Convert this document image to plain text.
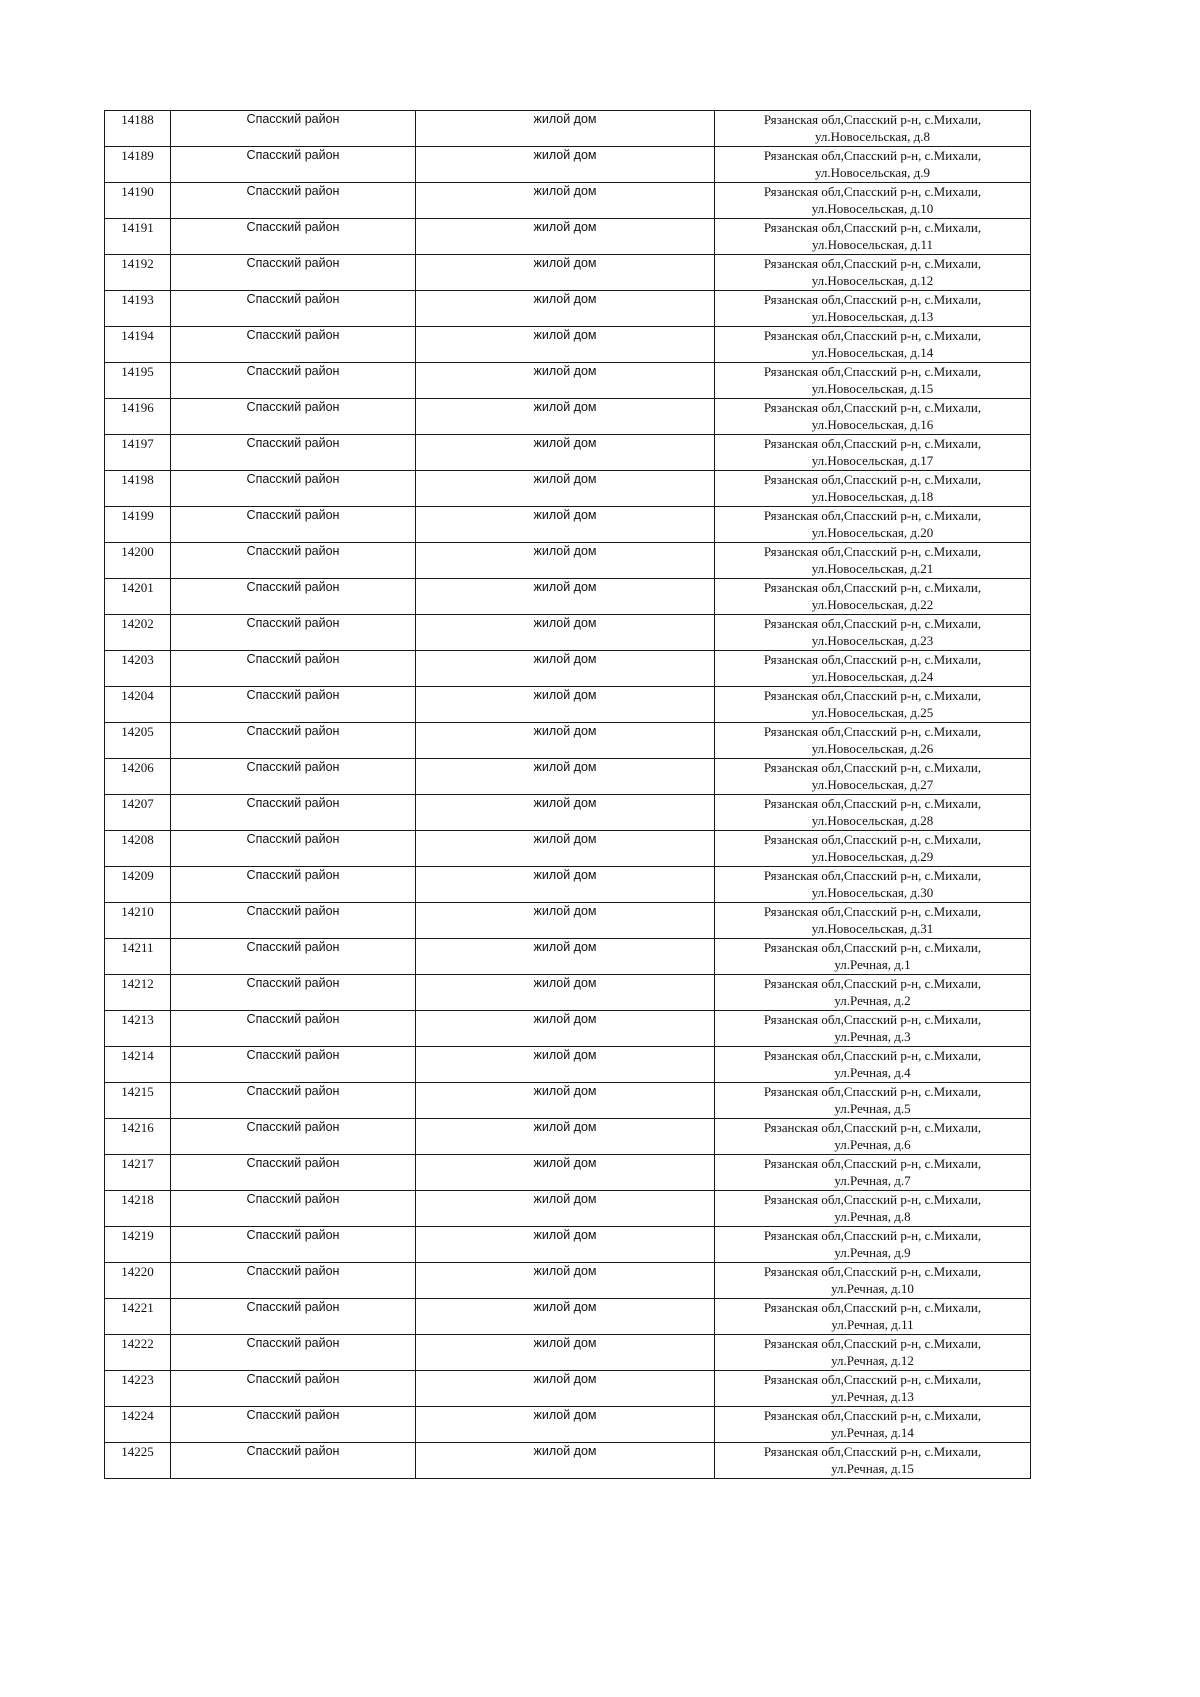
14188	Спасский район	жилой дом	Рязанская обл,Спасский р-н, с.Михали,
ул.Новосельская, д.8

14189	Спасский район	жилой дом	Рязанская обл,Спасский р-н, с.Михали,
ул.Новосельская, д.9

14190	Спасский район	жилой дом	Рязанская обл,Спасский р-н, с.Михали,
ул.Новосельская, д.10

14191	Спасский район	жилой дом	Рязанская обл,Спасский р-н, с.Михали,
ул.Новосельская, д.11

14192	Спасский район	жилой дом	Рязанская обл,Спасский р-н, с.Михали,
ул.Новосельская, д.12

14193	Спасский район	жилой дом	Рязанская обл,Спасский р-н, с.Михали,
ул.Новосельская, д.13

14194	Спасский район	жилой дом	Рязанская обл,Спасский р-н, с.Михали,
ул.Новосельская, д.14

14195	Спасский район	жилой дом	Рязанская обл,Спасский р-н, с.Михали,
ул.Новосельская, д.15

14196	Спасский район	жилой дом	Рязанская обл,Спасский р-н, с.Михали,
ул.Новосельская, д.16

14197	Спасский район	жилой дом	Рязанская обл,Спасский р-н, с.Михали,
ул.Новосельская, д.17

14198	Спасский район	жилой дом	Рязанская обл,Спасский р-н, с.Михали,
ул.Новосельская, д.18

14199	Спасский район	жилой дом	Рязанская обл,Спасский р-н, с.Михали,
ул.Новосельская, д.20

14200	Спасский район	жилой дом	Рязанская обл,Спасский р-н, с.Михали,
ул.Новосельская, д.21

14201	Спасский район	жилой дом	Рязанская обл,Спасский р-н, с.Михали,
ул.Новосельская, д.22

14202	Спасский район	жилой дом	Рязанская обл,Спасский р-н, с.Михали,
ул.Новосельская, д.23

14203	Спасский район	жилой дом	Рязанская обл,Спасский р-н, с.Михали,
ул.Новосельская, д.24

14204	Спасский район	жилой дом	Рязанская обл,Спасский р-н, с.Михали,
ул.Новосельская, д.25

14205	Спасский район	жилой дом	Рязанская обл,Спасский р-н, с.Михали,
ул.Новосельская, д.26

14206	Спасский район	жилой дом	Рязанская обл,Спасский р-н, с.Михали,
ул.Новосельская, д.27

14207	Спасский район	жилой дом	Рязанская обл,Спасский р-н, с.Михали,
ул.Новосельская, д.28

14208	Спасский район	жилой дом	Рязанская обл,Спасский р-н, с.Михали,
ул.Новосельская, д.29

14209	Спасский район	жилой дом	Рязанская обл,Спасский р-н, с.Михали,
ул.Новосельская, д.30

14210	Спасский район	жилой дом	Рязанская обл,Спасский р-н, с.Михали,
ул.Новосельская, д.31

14211	Спасский район	жилой дом	Рязанская обл,Спасский р-н, с.Михали,
ул.Речная, д.1

14212	Спасский район	жилой дом	Рязанская обл,Спасский р-н, с.Михали,
ул.Речная, д.2

14213	Спасский район	жилой дом	Рязанская обл,Спасский р-н, с.Михали,
ул.Речная, д.3

14214	Спасский район	жилой дом	Рязанская обл,Спасский р-н, с.Михали,
ул.Речная, д.4

14215	Спасский район	жилой дом	Рязанская обл,Спасский р-н, с.Михали,
ул.Речная, д.5

14216	Спасский район	жилой дом	Рязанская обл,Спасский р-н, с.Михали,
ул.Речная, д.6

14217	Спасский район	жилой дом	Рязанская обл,Спасский р-н, с.Михали,
ул.Речная, д.7

14218	Спасский район	жилой дом	Рязанская обл,Спасский р-н, с.Михали,
ул.Речная, д.8

14219	Спасский район	жилой дом	Рязанская обл,Спасский р-н, с.Михали,
ул.Речная, д.9

14220	Спасский район	жилой дом	Рязанская обл,Спасский р-н, с.Михали,
ул.Речная, д.10

14221	Спасский район	жилой дом	Рязанская обл,Спасский р-н, с.Михали,
ул.Речная, д.11

14222	Спасский район	жилой дом	Рязанская обл,Спасский р-н, с.Михали,
ул.Речная, д.12

14223	Спасский район	жилой дом	Рязанская обл,Спасский р-н, с.Михали,
ул.Речная, д.13

14224	Спасский район	жилой дом	Рязанская обл,Спасский р-н, с.Михали,
ул.Речная, д.14

14225	Спасский район	жилой дом	Рязанская обл,Спасский р-н, с.Михали,
ул.Речная, д.15
